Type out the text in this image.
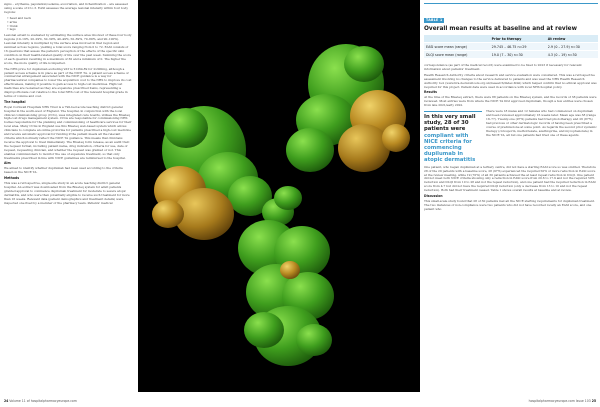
signs – erythema, papulation/oedema, excoriation, and lichenification – are assessed using a scale of 0 to 3. EASI assesses the average lesional intensity within four body regions:

• head and neck
• arms
• trunk
• legs

Lesional extent is evaluated by estimating the surface area involved of these four body regions (10–19%, 20–29%, 30–39%, 40–49%, 50–69%, 70–89%, and 90–100%). Lesional intensity is multiplied by the surface area involved in that region and summed across regions, yielding a total score ranging from 0 to 72. EASI consists of 16 questions that assess the patient's perception of the effects of the specific skin condition on their health-related quality of life over the past week. Summing the score of each question resulting in a maximum of 30 and a minimum of 0. The higher the score, the more quality of life is impaired.

The NHS price for dupilumab excluding VAT is £1264.89 for 2x300mg, although a patient access scheme is in place as part of the NICE TA. A patient access scheme or commercial arrangement associated with the NICE guidance is a way for pharmaceutical companies to lower the acquisition cost to the NHS to improve its cost effectiveness, making it possible to gain access to high-cost medicines. Highcost medicines are re-named as they are expensive prescribed items, representing a disproportionate cost relative to the total NHS cost of the relevant hospital grade in terms of volume and cost.

The hospital

Royal Cornwall Hospitals NHS Trust is a 790-bed acute teaching district general hospital in the south-west of England. The hospital, in conjunction with the local clinical commissioning group (CCG), uses integrated care boards, utilises the Blueteq high-cost drugs management system. CCGs are responsible for commissioning NHS bodies responsible for the planning and commissioning of healthcare services for their local area. Many CCGs in England use this Blueteq web-based system which allows clinicians to complete an online proforma for patients prescribed a high-cost medicine and receive automatic approval for funding if the patient meets all the relevant criteria which normally reflect the NICE TA guidance. This means that clinicians receive the approval to treat immediately. The Blueteq form release, as an audit trail: the request format, including patient name, drug indication, criteria for use, date of request, requesting clinician, and whether the request was granted or not. This enables commissioners to monitor the use of expensive treatment, so that only treatments prescribed in line with NICE guidelines are reimbursed to the hospital.

Aim

We aimed to identify whether dupilumab had been used according to the criteria based on the NICE TA.

Methods

This was a retrospective, single-site study in an acute teaching district general hospital. An extract was downloaded from the Blueteq system for adult patients granted approval to commence dupilumab treatment for moderate to severe atopic dermatitis, and who were then potentially eligible to receive such treatment for more than 16 weeks. Relevant data (patient demographics and treatment details) were inspected one fixed by a member of the pharmacy team. Patients' medical

TABLE 1
Overall mean results at baseline and at review
	Prior to therapy	At review
EASI score mean (range)	29.745 – 46.75 n=29	2.9 (0 – 27.9) n=30
DLQI score mean (range)	19.0 (7 – 30) n=30	4.3 (0 – 19) n=30

correspondence (as part of the medical record) were examined to be fixed to 2023 if necessary for relevant information about patients' treatment.

Health Research Authority criteria about research and service evaluation were considered. This was a retrospective assessment involving no changes to the service delivered to patients and was used the NHS Health Research Authority tool (www.hra-decisiontools.org.uk/research/index.html) which helped confirm that no ethical approval was required for this project. Patient data were used in accordance with local NHS hospital policy.

Results

At the time of the Blueteq extract, there were 88 patients on the Blueteq system, and the records of 38 patients were reviewed. Most entries were from where the NICE TA first approved dupilumab, though a few entries were chosen from late 2021/early 2022.

In this very small study, 28 of 30 patients were compliant with NICE criteria for commencing dupilumab in atopic dermatitis

There were 18 males and 12 females who had commenced on dupilumab and been reviewed approximately 16 weeks later. Mean age was 38 (range 18–77). Twenty-one (97%) patients had tried phototherapy and 26 (87%) had previous or other dermatologic records of having been prescribed a course of prednisolone at some point. As regards the second prior systemic therapy (ciclosporin, methotrexate, azathioprine, and mycophenolate) in the NICE TA, all but one patients had tried one of these agents.

One patient, who began dupilumab at a tertiary centre, did not have a starting EASI score so was omitted. Therefore 28 of the 29 patients with a baseline score, 28 (97%) experienced the required 50% or more reduction in EASI score at the review meeting, while 19 (70%) of all 30 patients achieved the at least repeat reduction in DLQI. One patient did not meet both NICE criteria showing only a reduction in EASI score from 20.6 to 17.9 and not the required 50% reduction and DLQI from 10 to 28 and not the repeat reduction), and one patient had the required reduction in EASI score from 4.7 but did not have the required DLQI reduction (only a decrease from 13 to 10 and not the repeat reduction). Both had their treatment ceased. Table 1 shows overall results at baseline and at review.

Discussion

This small-scale study found that 28 of 30 patients met all the NICE starting requirements for dupilumab treatment. The two instances of non-compliance were two patients who did not have recorded locally an EASI score, and one patient who

24 Volume 11 of hospitalpharmacyeurope.com	hospitalpharmacyeurope.com Issue 103 25
